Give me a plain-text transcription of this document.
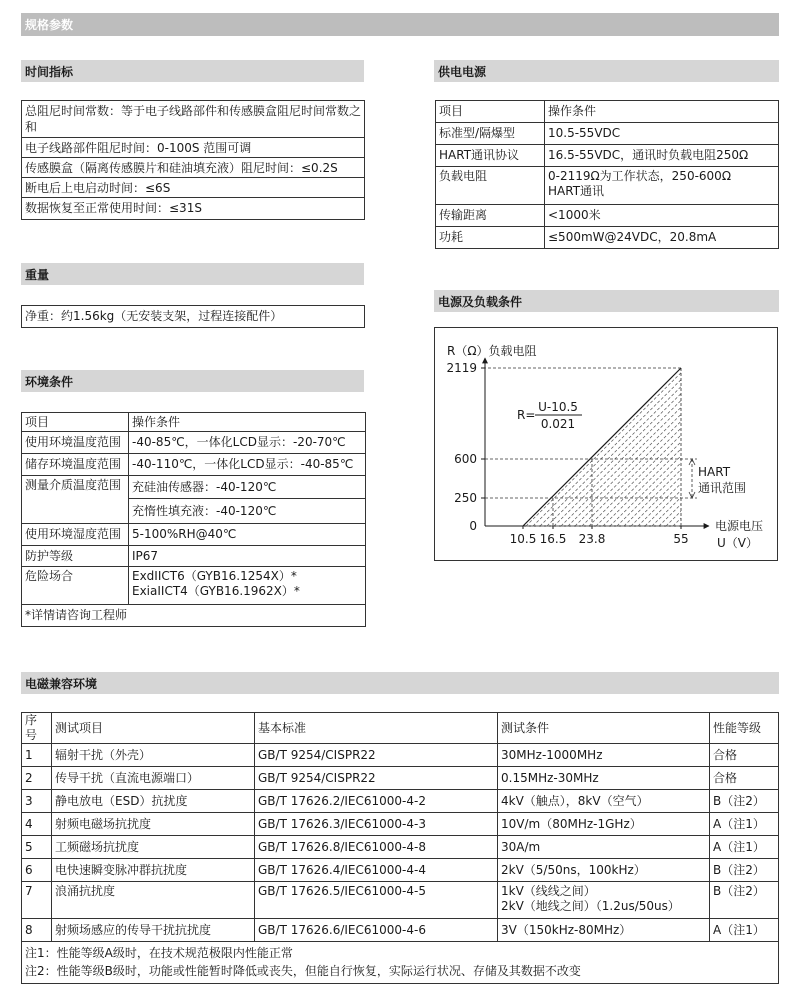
规格参数
时间指标
总阻尼时间常数：等于电子线路部件和传感膜盒阻尼时间常数之和
电子线路部件阻尼时间：0-100S 范围可调
传感膜盒（隔离传感膜片和硅油填充液）阻尼时间：≤0.2S
断电后上电启动时间：≤6S
数据恢复至正常使用时间：≤31S
重量
净重：约1.56kg（无安装支架，过程连接配件）
环境条件
项目	操作条件
使用环境温度范围	-40-85℃，一体化LCD显示：-20-70℃
储存环境温度范围	-40-110℃，一体化LCD显示：-40-85℃
测量介质温度范围	充硅油传感器：-40-120℃
	充惰性填充液：-40-120℃
使用环境湿度范围	5-100%RH@40℃
防护等级	IP67
危险场合	ExdIICT6（GYB16.1254X）*
ExiaIICT4（GYB16.1962X）*

*详情请咨询工程师	
供电电源
项目	操作条件
标准型/隔爆型	10.5-55VDC
HART通讯协议	16.5-55VDC，通讯时负载电阻250Ω
负载电阻	0-2119Ω为工作状态，250-600Ω
HART通讯

传输距离	<1000米
功耗	≤500mW@24VDC，20.8mA
电源及负载条件
R（Ω）负载电阻
0
250
600
2119
10.5 16.5 23.8	55
R=
U-10.5
0.021
HART
通讯范围
电源电压
U（V）
电磁兼容环境
序号	测试项目	基本标准	测试条件	性能等级
1	辐射干扰（外壳）	GB/T 9254/CISPR22	30MHz-1000MHz	合格
2	传导干扰（直流电源端口）	GB/T 9254/CISPR22	0.15MHz-30MHz	合格
3	静电放电（ESD）抗扰度	GB/T 17626.2/IEC61000-4-2	4kV（触点），8kV（空气）	B（注2）
4	射频电磁场抗扰度	GB/T 17626.3/IEC61000-4-3	10V/m（80MHz-1GHz）	A（注1）
5	工频磁场抗扰度	GB/T 17626.8/IEC61000-4-8	30A/m	A（注1）
6	电快速瞬变脉冲群抗扰度	GB/T 17626.4/IEC61000-4-4	2kV（5/50ns，100kHz）	B（注2）
7	浪涌抗扰度	GB/T 17626.5/IEC61000-4-5	1kV（线线之间）
2kV（地线之间）（1.2us/50us）	B（注2）
8	射频场感应的传导干扰抗扰度	GB/T 17626.6/IEC61000-4-6	3V（150kHz-80MHz）	A（注1）

注1：性能等级A级时，在技术规范极限内性能正常
注2：性能等级B级时，功能或性能暂时降低或丧失，但能自行恢复，实际运行状况、存储及其数据不改变				
